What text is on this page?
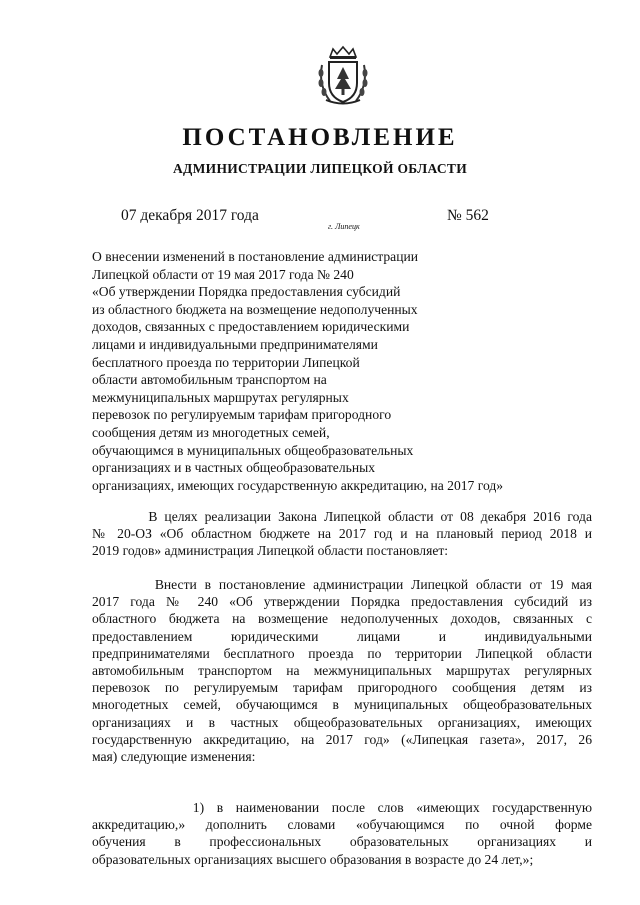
ПОСТАНОВЛЕНИЕ
АДМИНИСТРАЦИИ ЛИПЕЦКОЙ ОБЛАСТИ
07 декабря 2017 года
г. Липецк
№ 562
О внесении изменений в постановление администрации
Липецкой области от 19 мая 2017 года № 240
«Об утверждении Порядка предоставления субсидий
из областного бюджета на возмещение недополученных
доходов, связанных с предоставлением юридическими
лицами и индивидуальными предпринимателями
бесплатного проезда по территории Липецкой
области автомобильным транспортом на
межмуниципальных маршрутах регулярных
перевозок по регулируемым тарифам пригородного
сообщения детям из многодетных семей,
обучающимся в муниципальных общеобразовательных
организациях и в частных общеобразовательных
организациях, имеющих государственную аккредитацию, на 2017 год»
В целях реализации Закона Липецкой области от 08 декабря 2016 года
№ 20-ОЗ «Об областном бюджете на 2017 год и на плановый период 2018 и
2019 годов» администрация Липецкой области постановляет:
Внести в постановление администрации Липецкой области от 19 мая
2017 года № 240 «Об утверждении Порядка предоставления субсидий из
областного бюджета на возмещение недополученных доходов, связанных с
предоставлением юридическими лицами и индивидуальными
предпринимателями бесплатного проезда по территории Липецкой области
автомобильным транспортом на межмуниципальных маршрутах регулярных
перевозок по регулируемым тарифам пригородного сообщения детям из
многодетных семей, обучающимся в муниципальных общеобразовательных
организациях и в частных общеобразовательных организациях, имеющих
государственную аккредитацию, на 2017 год» («Липецкая газета», 2017, 26
мая) следующие изменения:
1) в наименовании после слов «имеющих государственную
аккредитацию,» дополнить словами «обучающимся по очной форме
обучения в профессиональных образовательных организациях и
образовательных организациях высшего образования в возрасте до 24 лет,»;
